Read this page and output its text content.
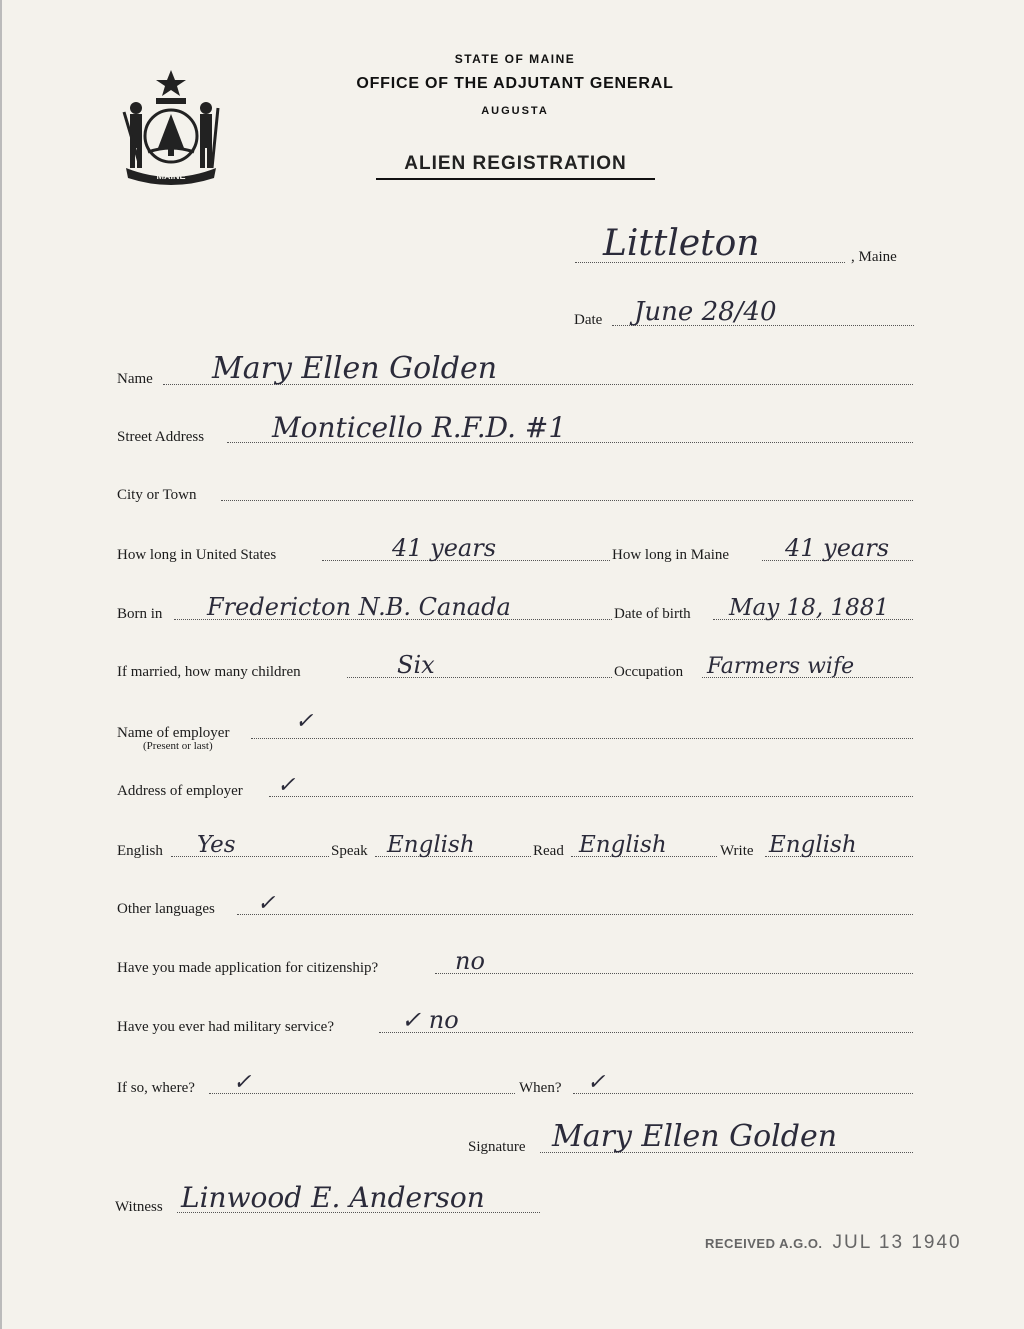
MAINE
STATE OF MAINE
OFFICE OF THE ADJUTANT GENERAL
AUGUSTA
ALIEN REGISTRATION
Littleton	, Maine
Date June 28/40
Name Mary Ellen Golden
Street Address Monticello R.F.D. #1
City or Town
How long in United States	41 years	How long in Maine 41 years
Born in Fredericton N.B. Canada	Date of birth May 18, 1881
If married, how many children	Six	Occupation Farmers wife
Name of employer	✓
(Present or last)
Address of employer ✓
English Yes	Speak English	Read English	Write English
Other languages ✓
Have you made application for citizenship?	no
Have you ever had military service?	✓ no
If so, where? ✓	When? ✓
Signature Mary Ellen Golden
Witness Linwood E. Anderson
RECEIVED A.G.O. JUL 13 1940
